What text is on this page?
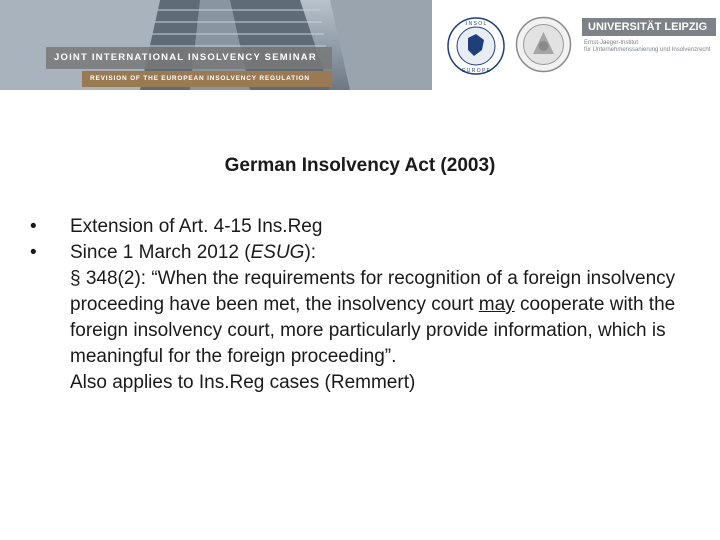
JOINT INTERNATIONAL INSOLVENCY SEMINAR
REVISION OF THE EUROPEAN INSOLVENCY REGULATION
I N S O L
E U R O P E
UNIVERSITÄT LEIPZIG
Ernst-Jaeger-Institut
für Unternehmenssanierung und Insolvenzrecht
German Insolvency Act (2003)
• Extension of Art. 4-15 Ins.Reg
• Since 1 March 2012 (ESUG):
§ 348(2): “When the requirements for recognition of a foreign insolvency proceeding have been met, the insolvency court may cooperate with the foreign insolvency court, more particularly provide information, which is meaningful for the foreign proceeding”.
Also applies to Ins.Reg cases (Remmert)
